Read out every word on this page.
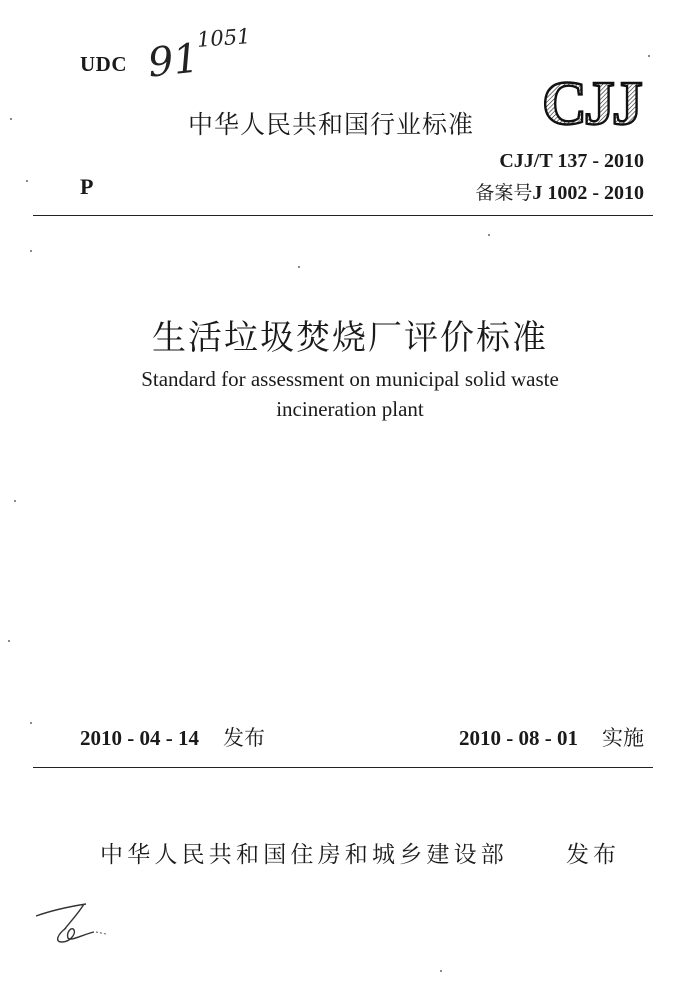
UDC 91
1051
中华人民共和国行业标准 CJJ
P
CJJ/T 137 - 2010
备案号J 1002 - 2010
生活垃圾焚烧厂评价标准
Standard for assessment on municipal solid waste
incineration plant
2010 - 04 - 14 发布	2010 - 08 - 01 实施
中华人民共和国住房和城乡建设部	发布
